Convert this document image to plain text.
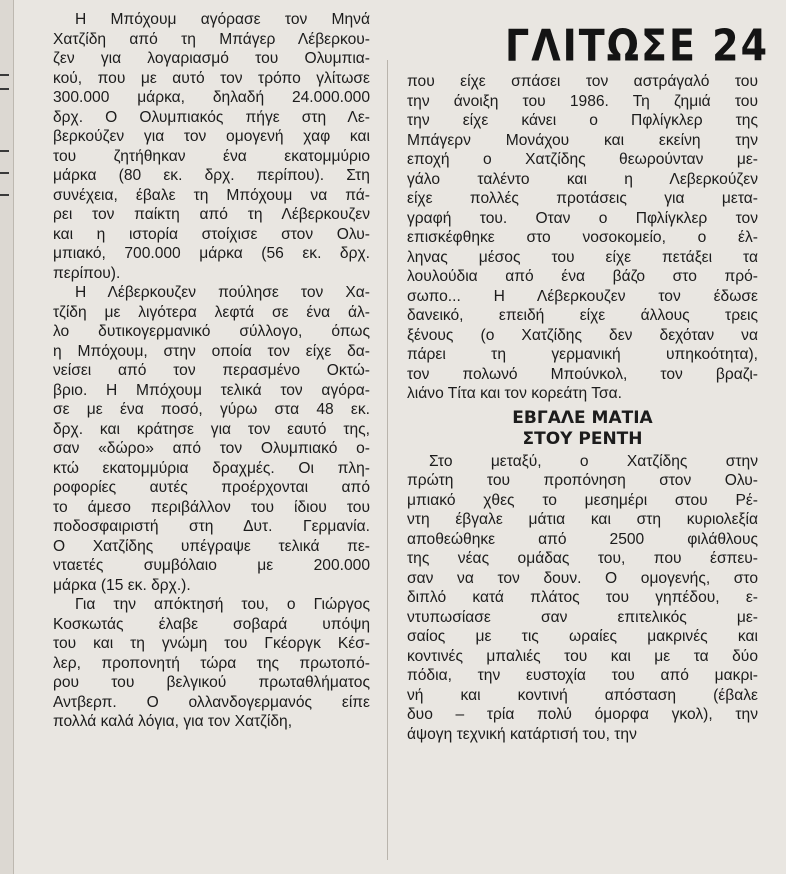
ΓΛΙΤΩΣΕ 24

Η Μπόχουμ αγόρασε τον Μηνά
Χατζίδη από τη Μπάγερ Λέβερκου-
ζεν για λογαριασμό του Ολυμπια-
κού, που με αυτό τον τρόπο γλίτωσε
300.000 μάρκα, δηλαδή 24.000.000
δρχ. Ο Ολυμπιακός πήγε στη Λε-
βερκούζεν για τον ομογενή χαφ και
του ζητήθηκαν ένα εκατομμύριο
μάρκα (80 εκ. δρχ. περίπου). Στη
συνέχεια, έβαλε τη Μπόχουμ να πά-
ρει τον παίκτη από τη Λέβερκουζεν
και η ιστορία στοίχισε στον Ολυ-
μπιακό, 700.000 μάρκα (56 εκ. δρχ.
περίπου).

Η Λέβερκουζεν πούλησε τον Χα-
τζίδη με λιγότερα λεφτά σε ένα άλ-
λο δυτικογερμανικό σύλλογο, όπως
η Μπόχουμ, στην οποία τον είχε δα-
νείσει από τον περασμένο Οκτώ-
βριο. Η Μπόχουμ τελικά τον αγόρα-
σε με ένα ποσό, γύρω στα 48 εκ.
δρχ. και κράτησε για τον εαυτό της,
σαν «δώρο» από τον Ολυμπιακό ο-
κτώ εκατομμύρια δραχμές. Οι πλη-
ροφορίες αυτές προέρχονται από
το άμεσο περιβάλλον του ίδιου του
ποδοσφαιριστή στη Δυτ. Γερμανία.
Ο Χατζίδης υπέγραψε τελικά πε-
νταετές συμβόλαιο με 200.000
μάρκα (15 εκ. δρχ.).

Για την απόκτησή του, ο Γιώργος
Κοσκωτάς έλαβε σοβαρά υπόψη
του και τη γνώμη του Γκέοργκ Κέσ-
λερ, προπονητή τώρα της πρωτοπό-
ρου του βελγικού πρωταθλήματος
Αντβερπ. Ο ολλανδογερμανός είπε
πολλά καλά λόγια, για τον Χατζίδη,

που είχε σπάσει τον αστράγαλό του
την άνοιξη του 1986. Τη ζημιά του
την είχε κάνει ο Πφλίγκλερ της
Μπάγερν Μονάχου και εκείνη την
εποχή ο Χατζίδης θεωρούνταν με-
γάλο ταλέντο και η Λεβερκούζεν
είχε πολλές προτάσεις για μετα-
γραφή του. Οταν ο Πφλίγκλερ τον
επισκέφθηκε στο νοσοκομείο, ο έλ-
ληνας μέσος του είχε πετάξει τα
λουλούδια από ένα βάζο στο πρό-
σωπο... Η Λέβερκουζεν τον έδωσε
δανεικό, επειδή είχε άλλους τρεις
ξένους (ο Χατζίδης δεν δεχόταν να
πάρει τη γερμανική υπηκοότητα),
τον πολωνό Μπούνκολ, τον βραζι-
λιάνο Τίτα και τον κορεάτη Τσα.

ΕΒΓΑΛΕ ΜΑΤΙΑ
ΣΤΟΥ ΡΕΝΤΗ

Στο μεταξύ, ο Χατζίδης στην
πρώτη του προπόνηση στον Ολυ-
μπιακό χθες το μεσημέρι στου Ρέ-
ντη έβγαλε μάτια και στη κυριολεξία
αποθεώθηκε από 2500 φιλάθλους
της νέας ομάδας του, που έσπευ-
σαν να τον δουν. Ο ομογενής, στο
διπλό κατά πλάτος του γηπέδου, ε-
ντυπωσίασε σαν επιτελικός με-
σαίος με τις ωραίες μακρινές και
κοντινές μπαλιές του και με τα δύο
πόδια, την ευστοχία του από μακρι-
νή και κοντινή απόσταση (έβαλε
δυο – τρία πολύ όμορφα γκολ), την
άψογη τεχνική κατάρτισή του, την
